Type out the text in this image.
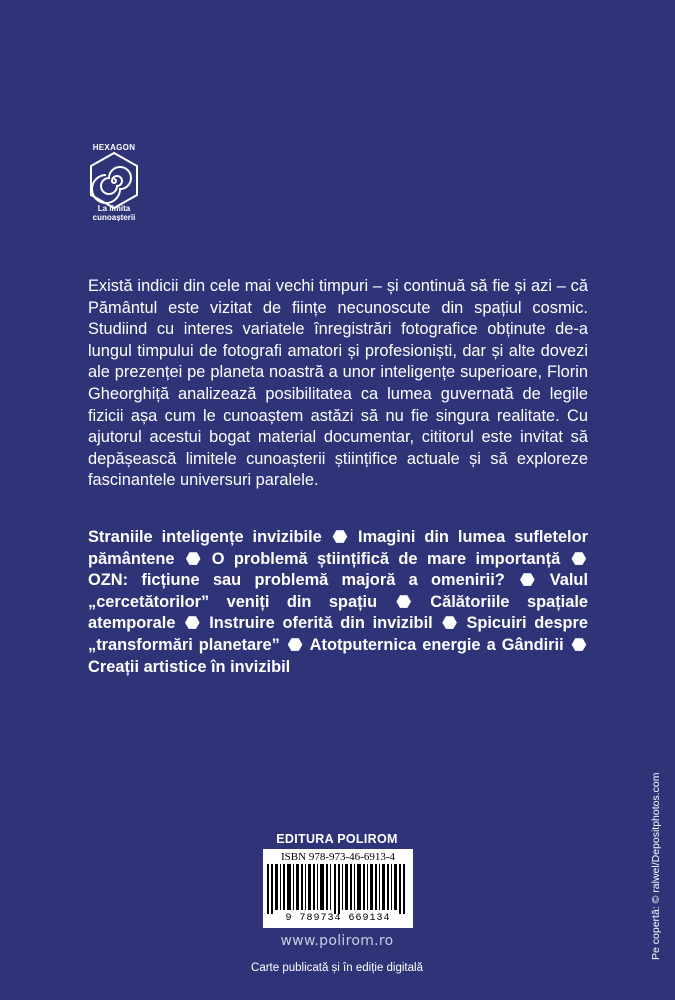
HEXAGON
La limita
cunoașterii

Există indicii din cele mai vechi timpuri – și continuă să fie și azi – că Pământul este vizitat de ființe necunoscute din spațiul cosmic. Studiind cu interes variatele înregistrări fotografice obținute de-a lungul timpului de fotografi amatori și profesioniști, dar și alte dovezi ale prezenței pe planeta noastră a unor inteligențe superioare, Florin Gheorghiță analizează posibilitatea ca lumea guvernată de legile fizicii așa cum le cunoaștem astăzi să nu fie singura realitate. Cu ajutorul acestui bogat material documentar, cititorul este invitat să depășească limitele cunoașterii științifice actuale și să exploreze fascinantele universuri paralele.

Straniile inteligențe invizibile ⬣ Imagini din lumea sufletelor pământene ⬣ O problemă științifică de mare importanță ⬣ OZN: ficțiune sau problemă majoră a omenirii? ⬣ Valul „cercetătorilor” veniți din spațiu ⬣ Călătoriile spațiale atemporale ⬣ Instruire oferită din invizibil ⬣ Spicuiri despre „transformări planetare” ⬣ Atotputernica energie a Gândirii ⬣ Creații artistice în invizibil

EDITURA POLIROM
ISBN 978-973-46-6913-4
9 789734 669134
www.polirom.ro
Carte publicată și în ediție digitală
Pe copertă: © ralwel/Depositphotos.com
